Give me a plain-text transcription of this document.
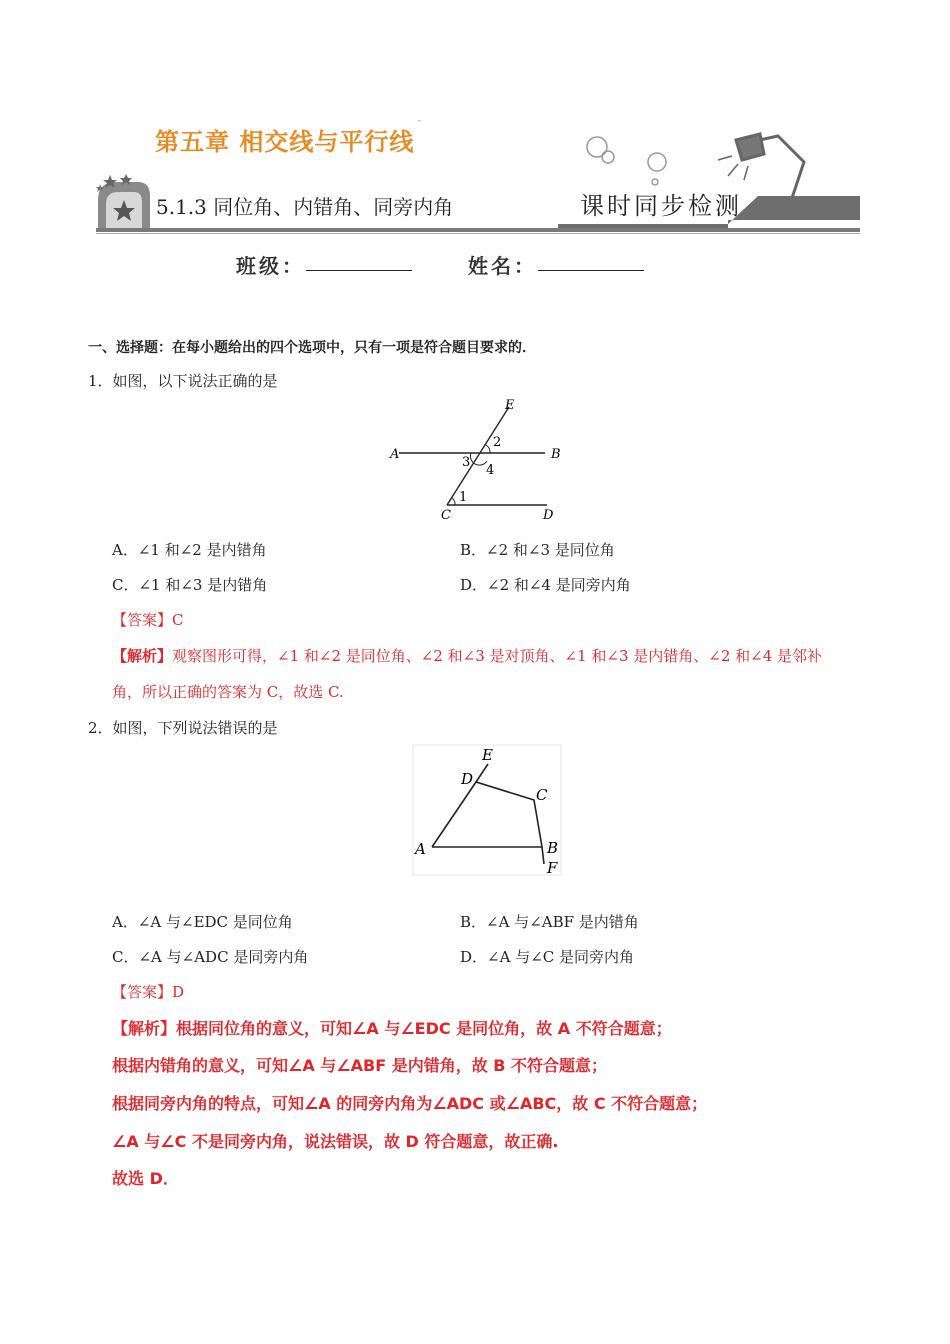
-
第五章 相交线与平行线
5.1.3 同位角、内错角、同旁内角	课时同步检测
班级：	姓名：
一、选择题：在每小题给出的四个选项中，只有一项是符合题目要求的．
1．如图，以下说法正确的是
E
2
A	B
3
4
1
C	D
A．∠1 和∠2 是内错角	B．∠2 和∠3 是同位角
C．∠1 和∠3 是内错角	D．∠2 和∠4 是同旁内角
【答案】C
【解析】观察图形可得，∠1 和∠2 是同位角、∠2 和∠3 是对顶角、∠1 和∠3 是内错角、∠2 和∠4 是邻补
角，所以正确的答案为 C，故选 C.
2．如图，下列说法错误的是
E
D
C
A	B
F
A．∠A 与∠EDC 是同位角	B．∠A 与∠ABF 是内错角
C．∠A 与∠ADC 是同旁内角	D．∠A 与∠C 是同旁内角
【答案】D
【解析】根据同位角的意义，可知∠A 与∠EDC 是同位角，故 A 不符合题意；
根据内错角的意义，可知∠A 与∠ABF 是内错角，故 B 不符合题意；
根据同旁内角的特点，可知∠A 的同旁内角为∠ADC 或∠ABC，故 C 不符合题意；
∠A 与∠C 不是同旁内角，说法错误，故 D 符合题意，故正确.
故选 D．
